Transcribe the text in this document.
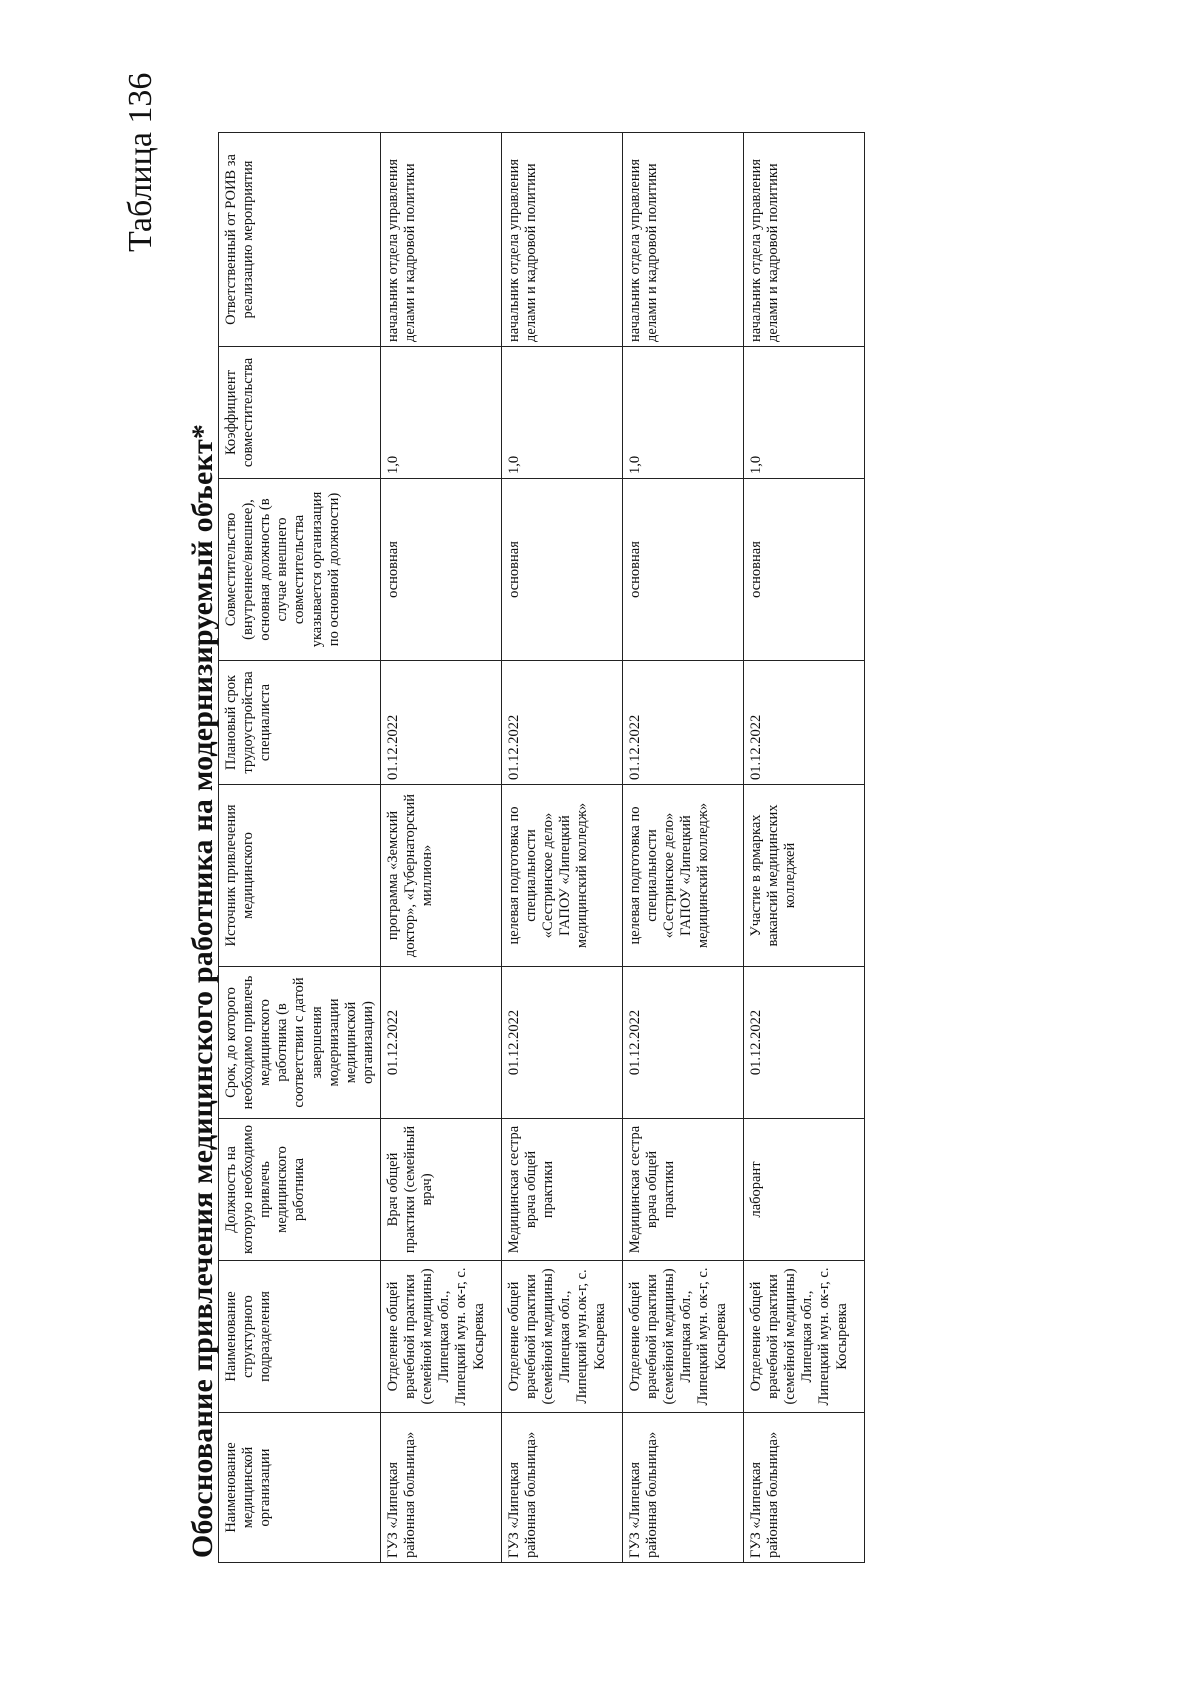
Таблица 136
Обоснование привлечения медицинского работника на модернизируемый объект* Наименование медицинской организации	Наименование структурного подразделения	Должность на которую необходимо привлечь медицинского работника	Срок, до которого необходимо привлечь медицинского работника (в соответствии с датой завершения модернизации медицинской организации)	Источник привлечения медицинского	Плановый срок трудоустройства специалиста	Совместительство (внутреннее/внешнее), основная должность (в случае внешнего совместительства указывается организация по основной должности)	Коэффициент совместительства	Ответственный от РОИВ за реализацию мероприятия
ГУЗ «Липецкая районная больница»	Отделение общей врачебной практики (семейной медицины) Липецкая обл., Липецкий мун. ок-г, с. Косыревка	Врач общей практики (семейный врач)	01.12.2022	программа «Земский доктор», «Губернаторский миллион»	01.12.2022	основная	1,0	начальник отдела управления делами и кадровой политики
ГУЗ «Липецкая районная больница»	Отделение общей врачебной практики (семейной медицины) Липецкая обл., Липецкий мун.ок-г, с. Косыревка	Медицинская сестра врача общей практики	01.12.2022	целевая подготовка по специальности «Сестринское дело» ГАПОУ «Липецкий медицинский колледж»	01.12.2022	основная	1,0	начальник отдела управления делами и кадровой политики
ГУЗ «Липецкая районная больница»	Отделение общей врачебной практики (семейной медицины) Липецкая обл., Липецкий мун. ок-г, с. Косыревка	Медицинская сестра врача общей практики	01.12.2022	целевая подготовка по специальности «Сестринское дело» ГАПОУ «Липецкий медицинский колледж»	01.12.2022	основная	1,0	начальник отдела управления делами и кадровой политики
ГУЗ «Липецкая районная больница»	Отделение общей врачебной практики (семейной медицины) Липецкая обл., Липецкий мун. ок-г, с. Косыревка	лаборант	01.12.2022	Участие в ярмарках вакансий медицинских колледжей	01.12.2022	основная	1,0	начальник отдела управления делами и кадровой политики
